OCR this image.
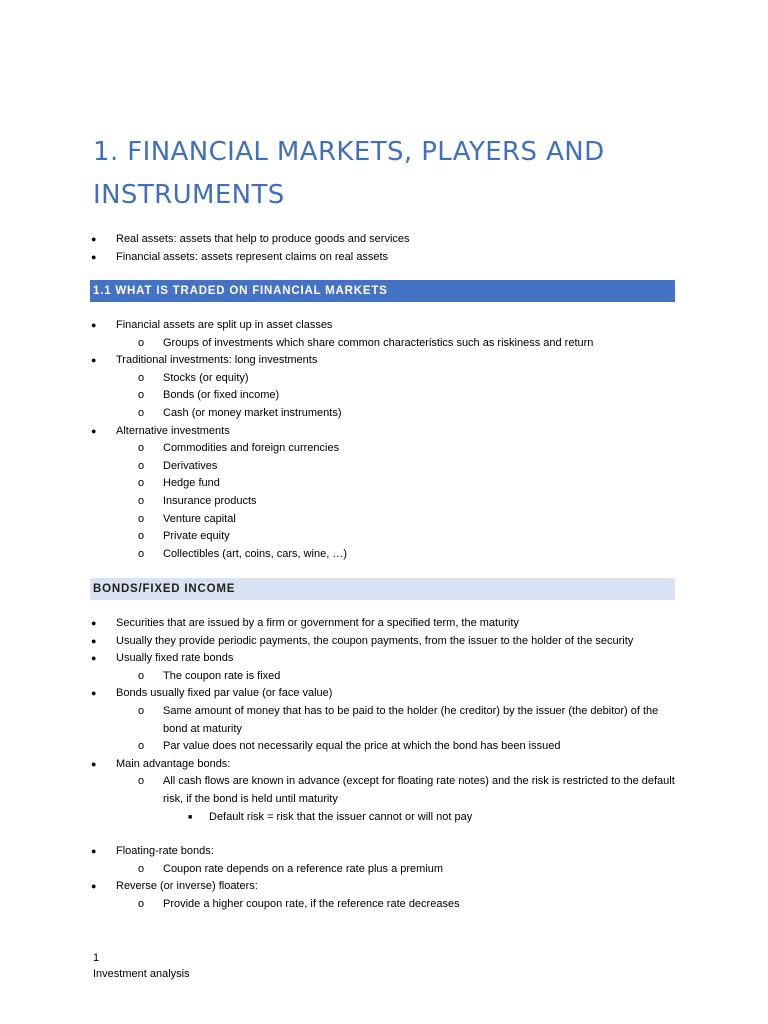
1. FINANCIAL MARKETS, PLAYERS AND INSTRUMENTS
●	Real assets: assets that help to produce goods and services
●	Financial assets: assets represent claims on real assets
1.1 WHAT IS TRADED ON FINANCIAL MARKETS
●	Financial assets are split up in asset classes
o Groups of investments which share common characteristics such as riskiness and return
●	Traditional investments: long investments
o Stocks (or equity)
o Bonds (or fixed income)
o Cash (or money market instruments)
●	Alternative investments
o Commodities and foreign currencies
o Derivatives
o Hedge fund
o Insurance products
o Venture capital
o Private equity
o Collectibles (art, coins, cars, wine, …)
BONDS/FIXED INCOME
●	Securities that are issued by a firm or government for a specified term, the maturity
●	Usually they provide periodic payments, the coupon payments, from the issuer to the holder of the security
●	Usually fixed rate bonds
o The coupon rate is fixed
●	Bonds usually fixed par value (or face value)
o Same amount of money that has to be paid to the holder (he creditor) by the issuer (the debitor) of the bond at maturity
o Par value does not necessarily equal the price at which the bond has been issued
●	Main advantage bonds:
o All cash flows are known in advance (except for floating rate notes) and the risk is restricted to the default risk, if the bond is held until maturity
■ Default risk = risk that the issuer cannot or will not pay
●	Floating-rate bonds:
o Coupon rate depends on a reference rate plus a premium
●	Reverse (or inverse) floaters:
o Provide a higher coupon rate, if the reference rate decreases
1
Investment analysis
